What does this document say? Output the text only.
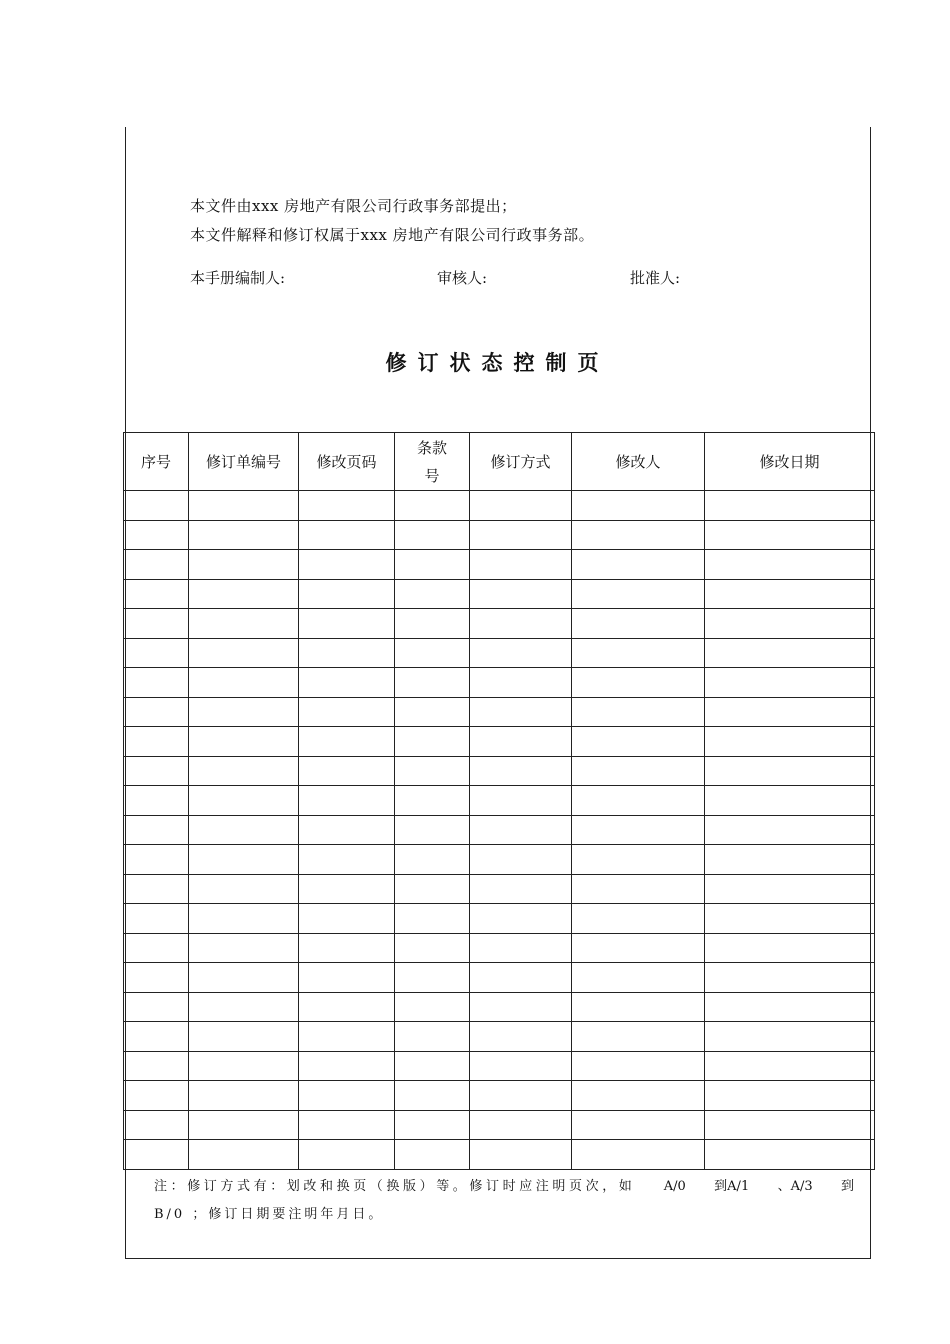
本文件由xxx 房地产有限公司行政事务部提出；
本文件解释和修订权属于xxx 房地产有限公司行政事务部。
本手册编制人:	审核人:	批准人:
修订状态控制页
序号	修订单编号	修改页码	条款号	修订方式	修改人	修改日期

注：修订方式有：划改和换页（换版）等。修订时应注明页次，如 A/0 到A/1 、A/3 到
B/0 ；修订日期要注明年月日。
